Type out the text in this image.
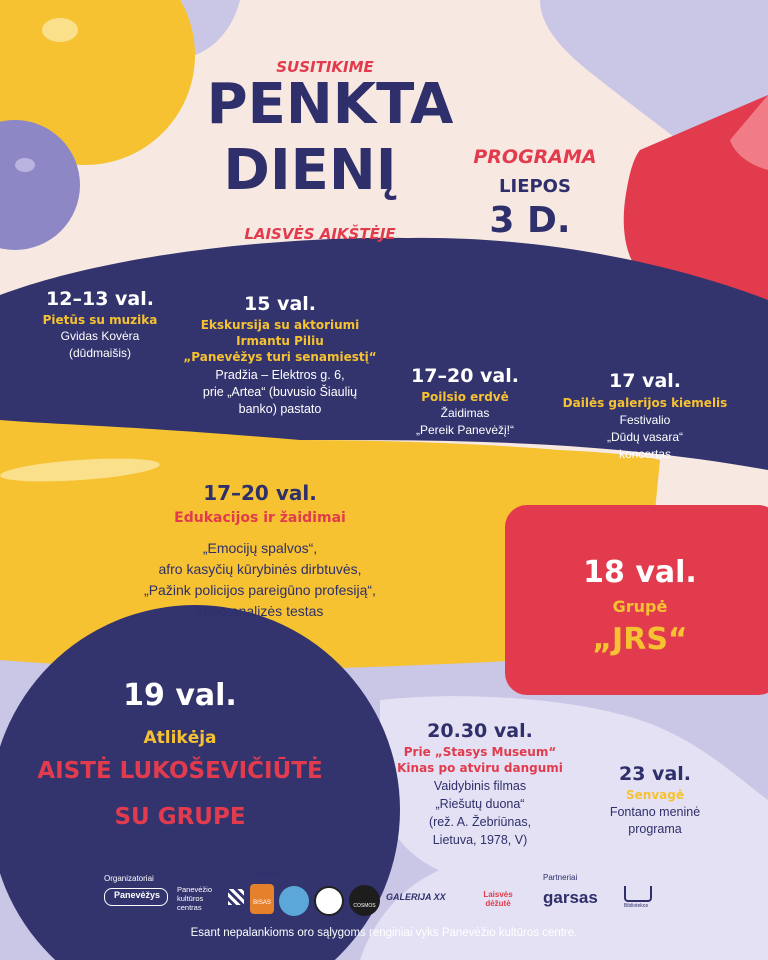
SUSITIKIME
PENKTA
DIENĮ
LAISVĖS AIKŠTĖJE
PROGRAMA
LIEPOS
3 D.
12–13 val.
Pietūs su muzika
Gvidas Kovėra
(dūdmaišis)
15 val.
Ekskursija su aktoriumi
Irmantu Piliu
„Panevėžys turi senamiestį“
Pradžia – Elektros g. 6,
prie „Artea“ (buvusio Šiaulių
banko) pastato
17–20 val.
Poilsio erdvė
Žaidimas
„Pereik Panevėžį!“
17 val.
Dailės galerijos kiemelis
Festivalio
„Dūdų vasara“
koncertas
17–20 val.
Edukacijos ir žaidimai
„Emocijų spalvos“,
afro kasyčių kūrybinės dirbtuvės,
„Pažink policijos pareigūno profesiją“,
kūno analizės testas
18 val.
Grupė
„JRS“
19 val.
Atlikėja
AISTĖ LUKOŠEVIČIŪTĖ
SU GRUPE
20.30 val.
Prie „Stasys Museum“
Kinas po atviru dangumi
Vaidybinis filmas
„Riešutų duona“
(rež. A. Žebriūnas,
Lietuva, 1978, V)
23 val.
Senvagė
Fontano meninė
programa
Organizatoriai
Rėmėjai	Partneriai
Panevėžys
Panevėžio kultūros centras	BISAS	COSMOS
GALERIJA XX	Laisvės dėžutė	garsas	Bibliotekos
Esant nepalankioms oro sąlygoms renginiai vyks Panevėžio kultūros centre.
